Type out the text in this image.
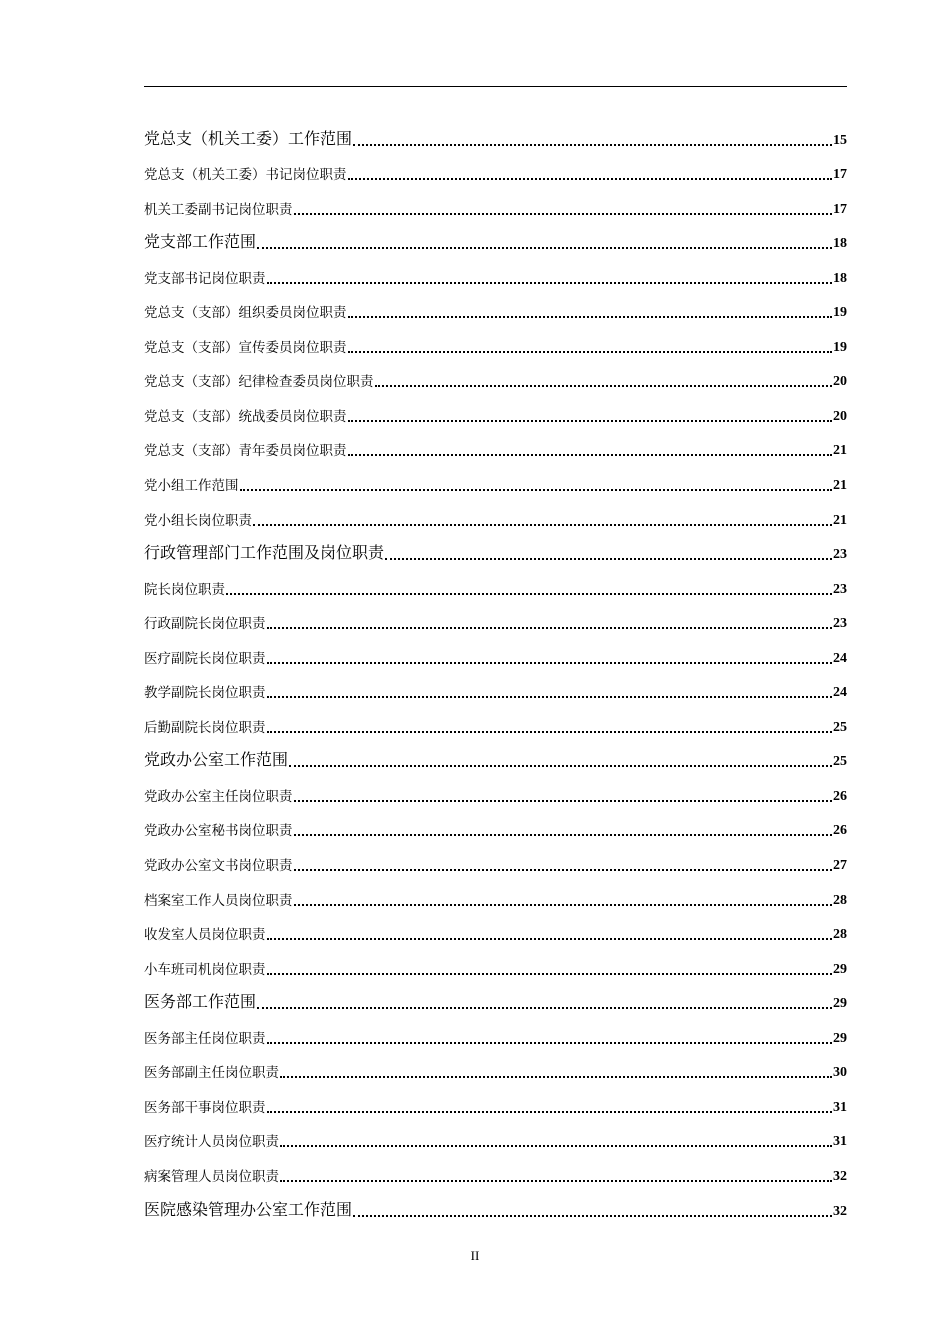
党总支（机关工委）工作范围	15
党总支（机关工委）书记岗位职责	17
机关工委副书记岗位职责	17
党支部工作范围	18
党支部书记岗位职责	18
党总支（支部）组织委员岗位职责	19
党总支（支部）宣传委员岗位职责	19
党总支（支部）纪律检查委员岗位职责	20
党总支（支部）统战委员岗位职责	20
党总支（支部）青年委员岗位职责	21
党小组工作范围	21
党小组长岗位职责	21
行政管理部门工作范围及岗位职责	23
院长岗位职责	23
行政副院长岗位职责	23
医疗副院长岗位职责	24
教学副院长岗位职责	24
后勤副院长岗位职责	25
党政办公室工作范围	25
党政办公室主任岗位职责	26
党政办公室秘书岗位职责	26
党政办公室文书岗位职责	27
档案室工作人员岗位职责	28
收发室人员岗位职责	28
小车班司机岗位职责	29
医务部工作范围	29
医务部主任岗位职责	29
医务部副主任岗位职责	30
医务部干事岗位职责	31
医疗统计人员岗位职责	31
病案管理人员岗位职责	32
医院感染管理办公室工作范围	32
II
